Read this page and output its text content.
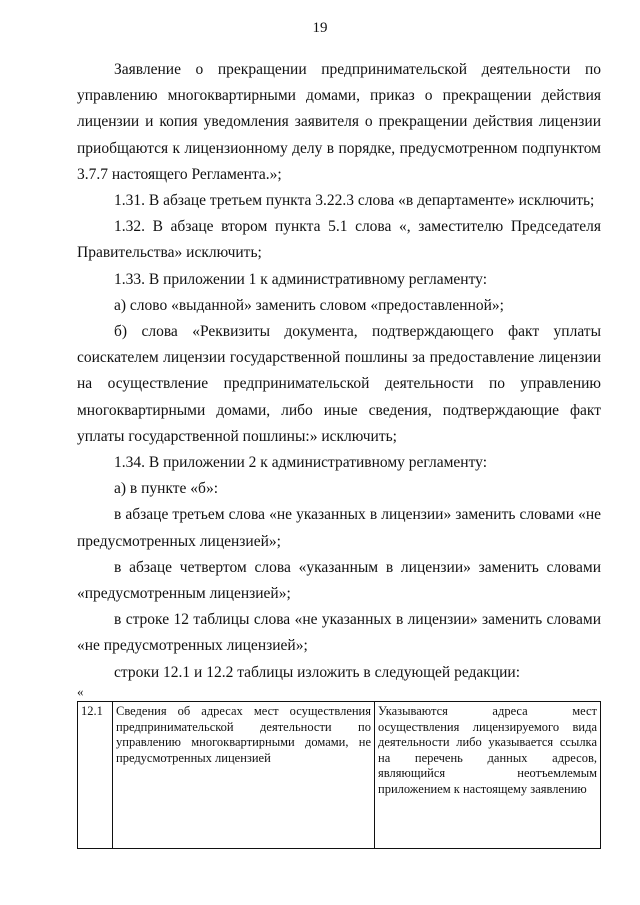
19

Заявление о прекращении предпринимательской деятельности по управлению многоквартирными домами, приказ о прекращении действия лицензии и копия уведомления заявителя о прекращении действия лицензии приобщаются к лицензионному делу в порядке, предусмотренном подпунктом 3.7.7 настоящего Регламента.»;

1.31. В абзаце третьем пункта 3.22.3 слова «в департаменте» исключить;

1.32. В абзаце втором пункта 5.1 слова «, заместителю Председателя Правительства» исключить;

1.33. В приложении 1 к административному регламенту:

а) слово «выданной» заменить словом «предоставленной»;

б) слова «Реквизиты документа, подтверждающего факт уплаты соискателем лицензии государственной пошлины за предоставление лицензии на осуществление предпринимательской деятельности по управлению многоквартирными домами, либо иные сведения, подтверждающие факт уплаты государственной пошлины:» исключить;

1.34. В приложении 2 к административному регламенту:

а) в пункте «б»:

в абзаце третьем слова «не указанных в лицензии» заменить словами «не предусмотренных лицензией»;

в абзаце четвертом слова «указанным в лицензии» заменить словами «предусмотренным лицензией»;

в строке 12 таблицы слова «не указанных в лицензии» заменить словами «не предусмотренных лицензией»;

строки 12.1 и 12.2 таблицы изложить в следующей редакции:

«
12.1	Сведения об адресах мест осуществления предпринимательской деятельности по управлению многоквартирными домами, не предусмотренных лицензией	Указываются адреса мест осуществления лицензируемого вида деятельности либо указывается ссылка на перечень данных адресов, являющийся неотъемлемым приложением к настоящему заявлению
